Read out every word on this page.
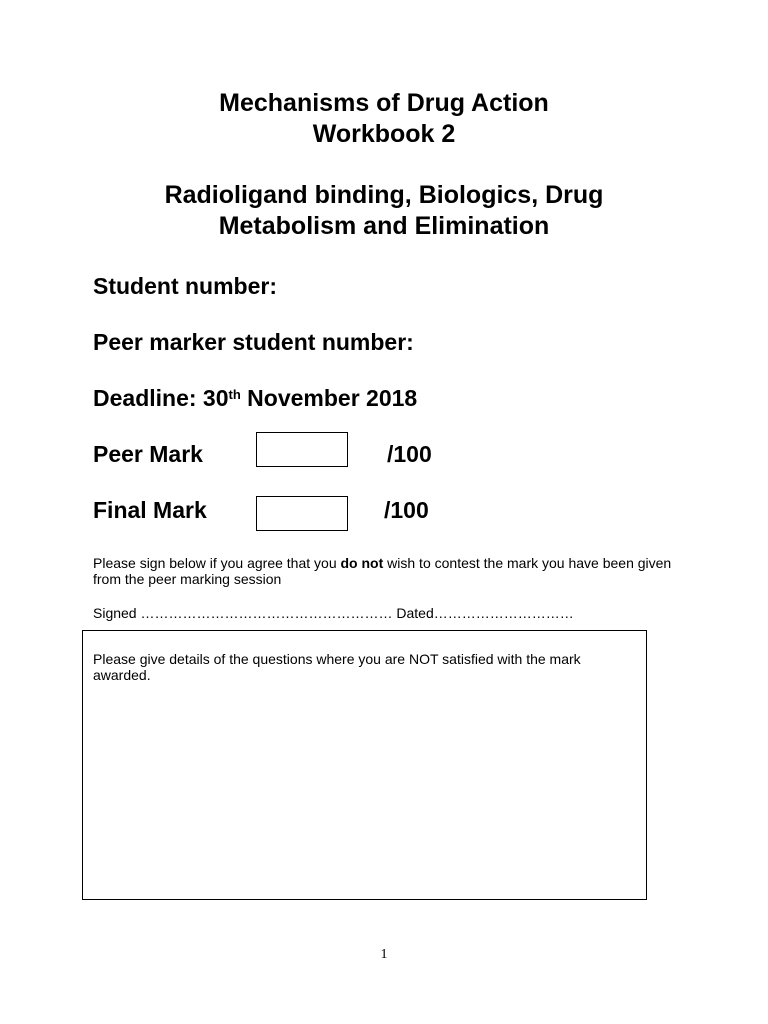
Mechanisms of Drug Action
Workbook 2
Radioligand binding, Biologics, Drug
Metabolism and Elimination
Student number:
Peer marker student number:
Deadline: 30th November 2018
Peer Mark	/100
Final Mark	/100
Please sign below if you agree that you do not wish to contest the mark you have been given from the peer marking session
Signed ……………………………………………… Dated…………………………
Please give details of the questions where you are NOT satisfied with the mark awarded.
1
